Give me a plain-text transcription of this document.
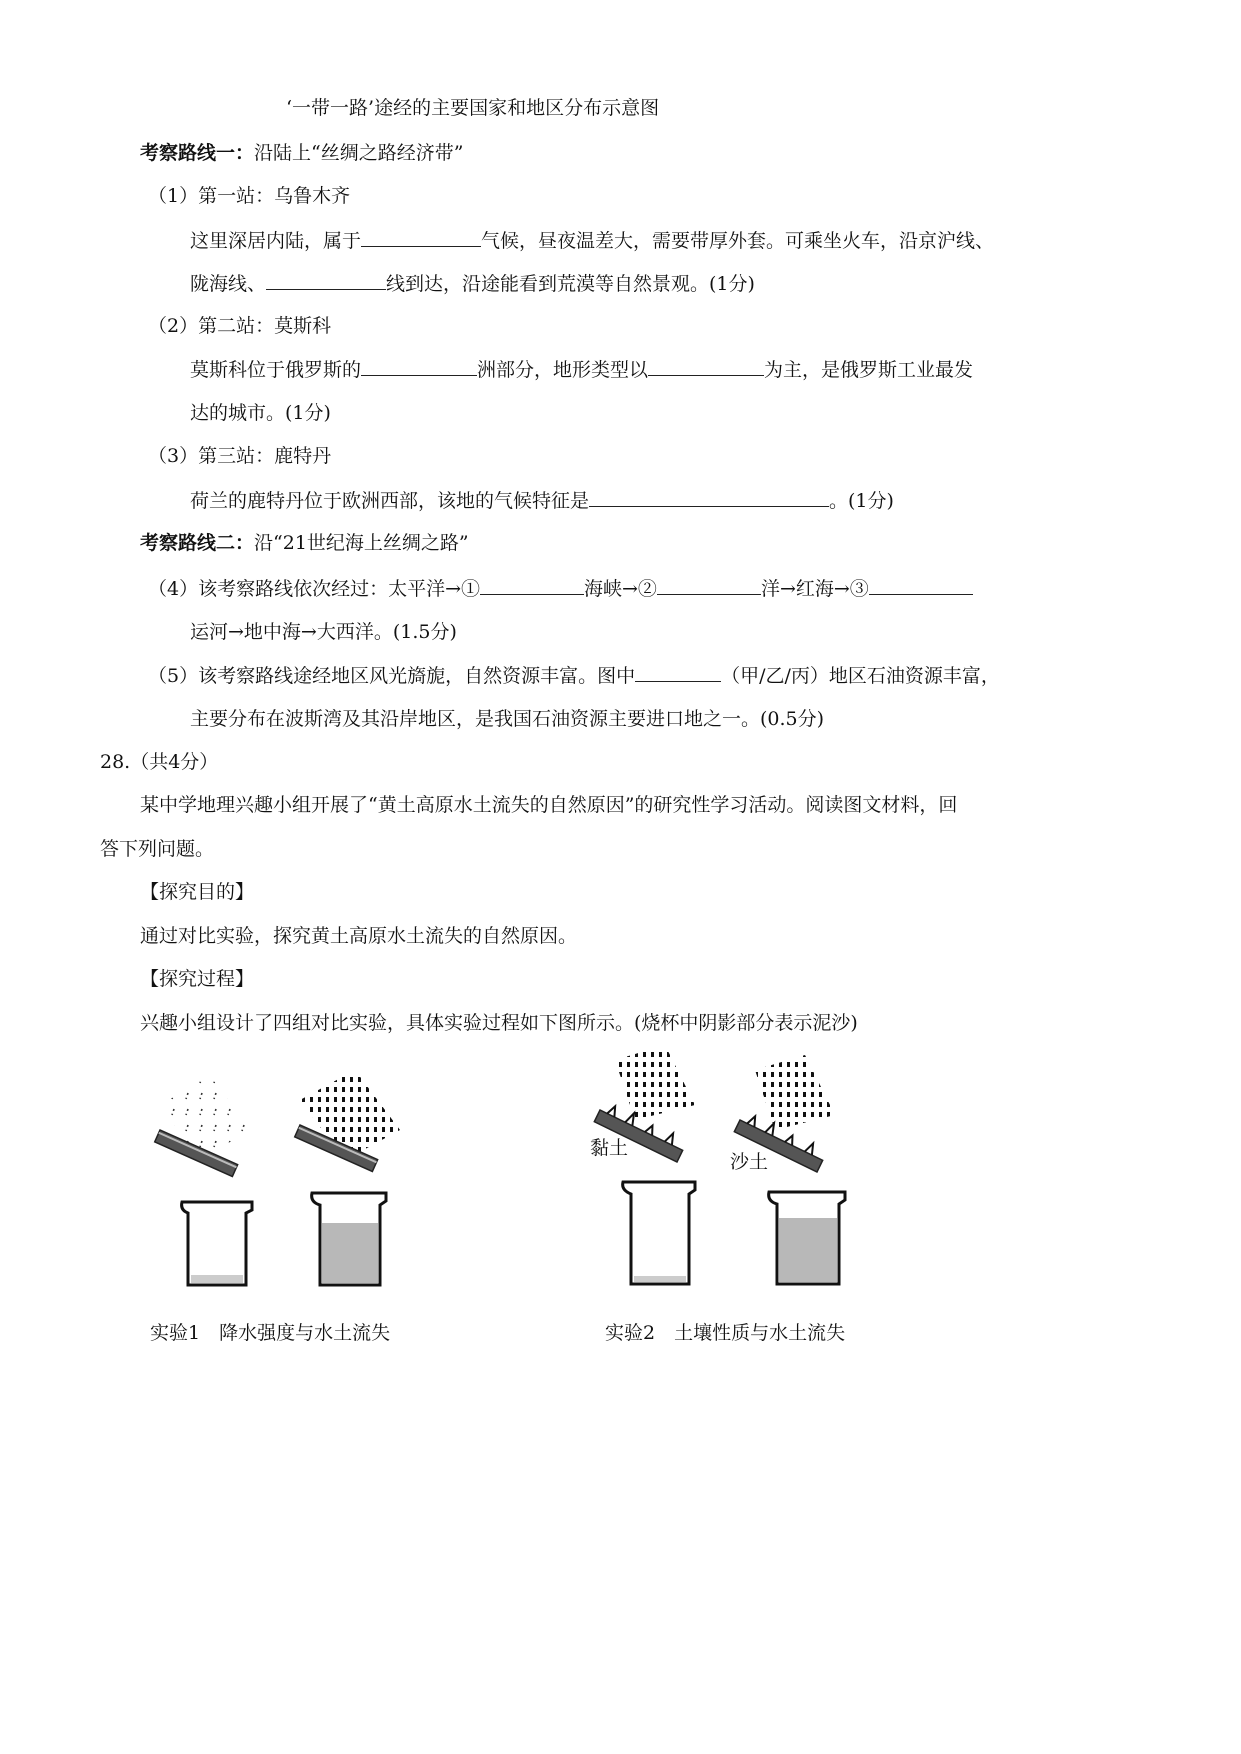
‘一带一路’途经的主要国家和地区分布示意图
考察路线一：沿陆上“丝绸之路经济带”
（1）第一站：乌鲁木齐
这里深居内陆，属于	气候，昼夜温差大，需要带厚外套。可乘坐火车，沿京沪线、
陇海线、	线到达，沿途能看到荒漠等自然景观。(1分)
（2）第二站：莫斯科
莫斯科位于俄罗斯的	洲部分，地形类型以	为主，是俄罗斯工业最发
达的城市。(1分)
（3）第三站：鹿特丹
荷兰的鹿特丹位于欧洲西部，该地的气候特征是	。(1分)
考察路线二：沿“21世纪海上丝绸之路”
（4）该考察路线依次经过：太平洋→①	海峡→②	洋→红海→③
运河→地中海→大西洋。(1.5分)
（5）该考察路线途经地区风光旖旎，自然资源丰富。图中	（甲/乙/丙）地区石油资源丰富，
主要分布在波斯湾及其沿岸地区，是我国石油资源主要进口地之一。(0.5分)
28.（共4分）
某中学地理兴趣小组开展了“黄土高原水土流失的自然原因”的研究性学习活动。阅读图文材料，回
答下列问题。
【探究目的】
通过对比实验，探究黄土高原水土流失的自然原因。
【探究过程】
兴趣小组设计了四组对比实验，具体实验过程如下图所示。(烧杯中阴影部分表示泥沙)
实验1　降水强度与水土流失
黏土
沙土
实验2　土壤性质与水土流失
